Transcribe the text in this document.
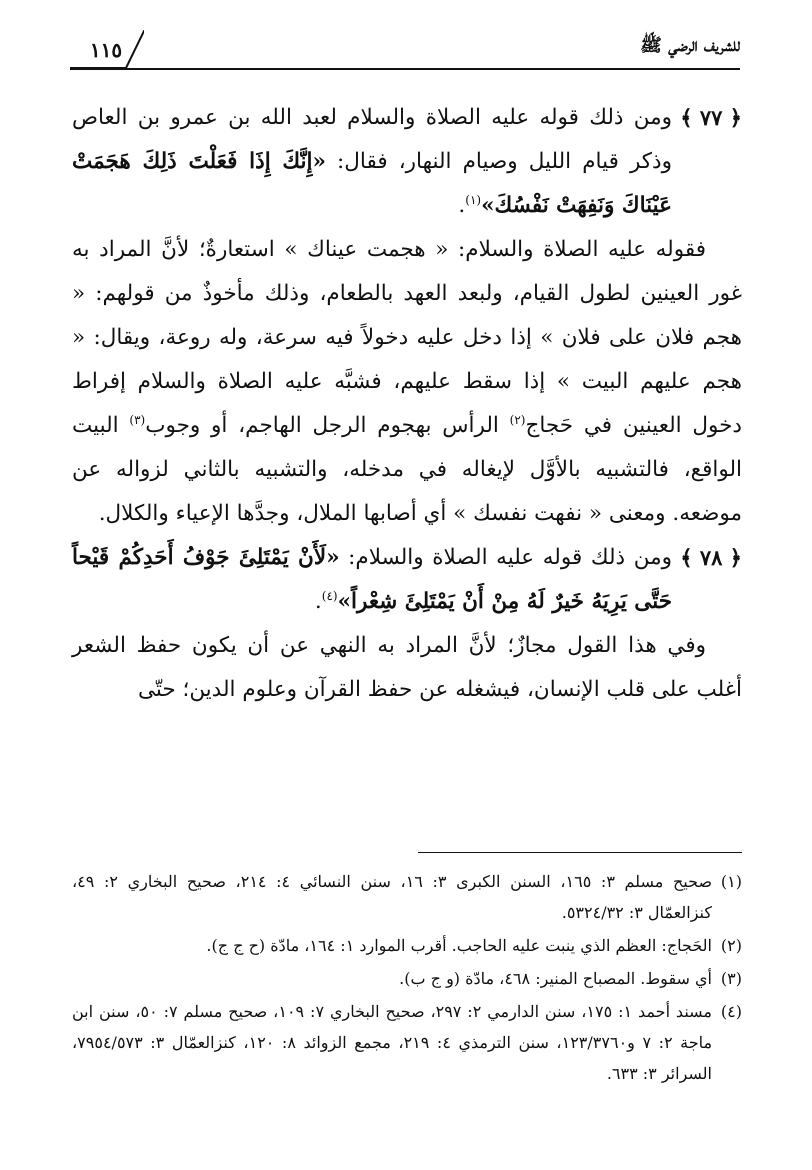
للشريف الرضي ﷺ
١١٥

﴿ ٧٧ ﴾
ومن ذلك قوله عليه الصلاة والسلام لعبد الله بن عمرو بن العاص وذكر قيام الليل وصيام النهار، فقال: «إِنَّكَ إِذَا فَعَلْتَ ذَلِكَ هَجَمَتْ عَيْنَاكَ وَنَفِهَتْ نَفْسُكَ»$^{(١)}$.

فقوله عليه الصلاة والسلام: « هجمت عيناك » استعارةٌ؛ لأنَّ المراد به غور العينين لطول القيام، ولبعد العهد بالطعام، وذلك مأخوذٌ من قولهم: « هجم فلان على فلان » إذا دخل عليه دخولاً فيه سرعة، وله روعة، ويقال: « هجم عليهم البيت » إذا سقط عليهم، فشبَّه عليه الصلاة والسلام إفراط دخول العينين في حَجاج$^{(٢)}$ الرأس بهجوم الرجل الهاجم، أو وجوب$^{(٣)}$ البيت الواقع، فالتشبيه بالأوَّل لإيغاله في مدخله، والتشبيه بالثاني لزواله عن موضعه. ومعنى « نفهت نفسك » أي أصابها الملال، وجدَّها الإعياء والكلال.

﴿ ٧٨ ﴾
ومن ذلك قوله عليه الصلاة والسلام: «لَأَنْ يَمْتَلِئَ جَوْفُ أَحَدِكُمْ قَيْحاً حَتَّى يَرِيَهُ خَيرٌ لَهُ مِنْ أَنْ يَمْتَلِئَ شِعْراً»$^{(٤)}$.

وفي هذا القول مجازٌ؛ لأنَّ المراد به النهي عن أن يكون حفظ الشعر أغلب على قلب الإنسان، فيشغله عن حفظ القرآن وعلوم الدين؛ حتّى

(١)
صحيح مسلم ٣: ١٦٥، السنن الكبرى ٣: ١٦، سنن النسائي ٤: ٢١٤، صحيح البخاري ٢: ٤٩، كنزالعمّال ٣: ٥٣٢٤/٣٢.

(٢)
الحَجاج: العظم الذي ينبت عليه الحاجب. أقرب الموارد ١: ١٦٤، مادّة (ح ج ج).

(٣)
أي سقوط. المصباح المنير: ٤٦٨، مادّة (و ج ب).

(٤)
مسند أحمد ١: ١٧٥، سنن الدارمي ٢: ٢٩٧، صحيح البخاري ٧: ١٠٩، صحيح مسلم ٧: ٥٠، سنن ابن ماجة ٢: ٧ و١٢٣/٣٧٦٠، سنن الترمذي ٤: ٢١٩، مجمع الزوائد ٨: ١٢٠، كنزالعمّال ٣: ٧٩٥٤/٥٧٣، السرائر ٣: ٦٣٣.
